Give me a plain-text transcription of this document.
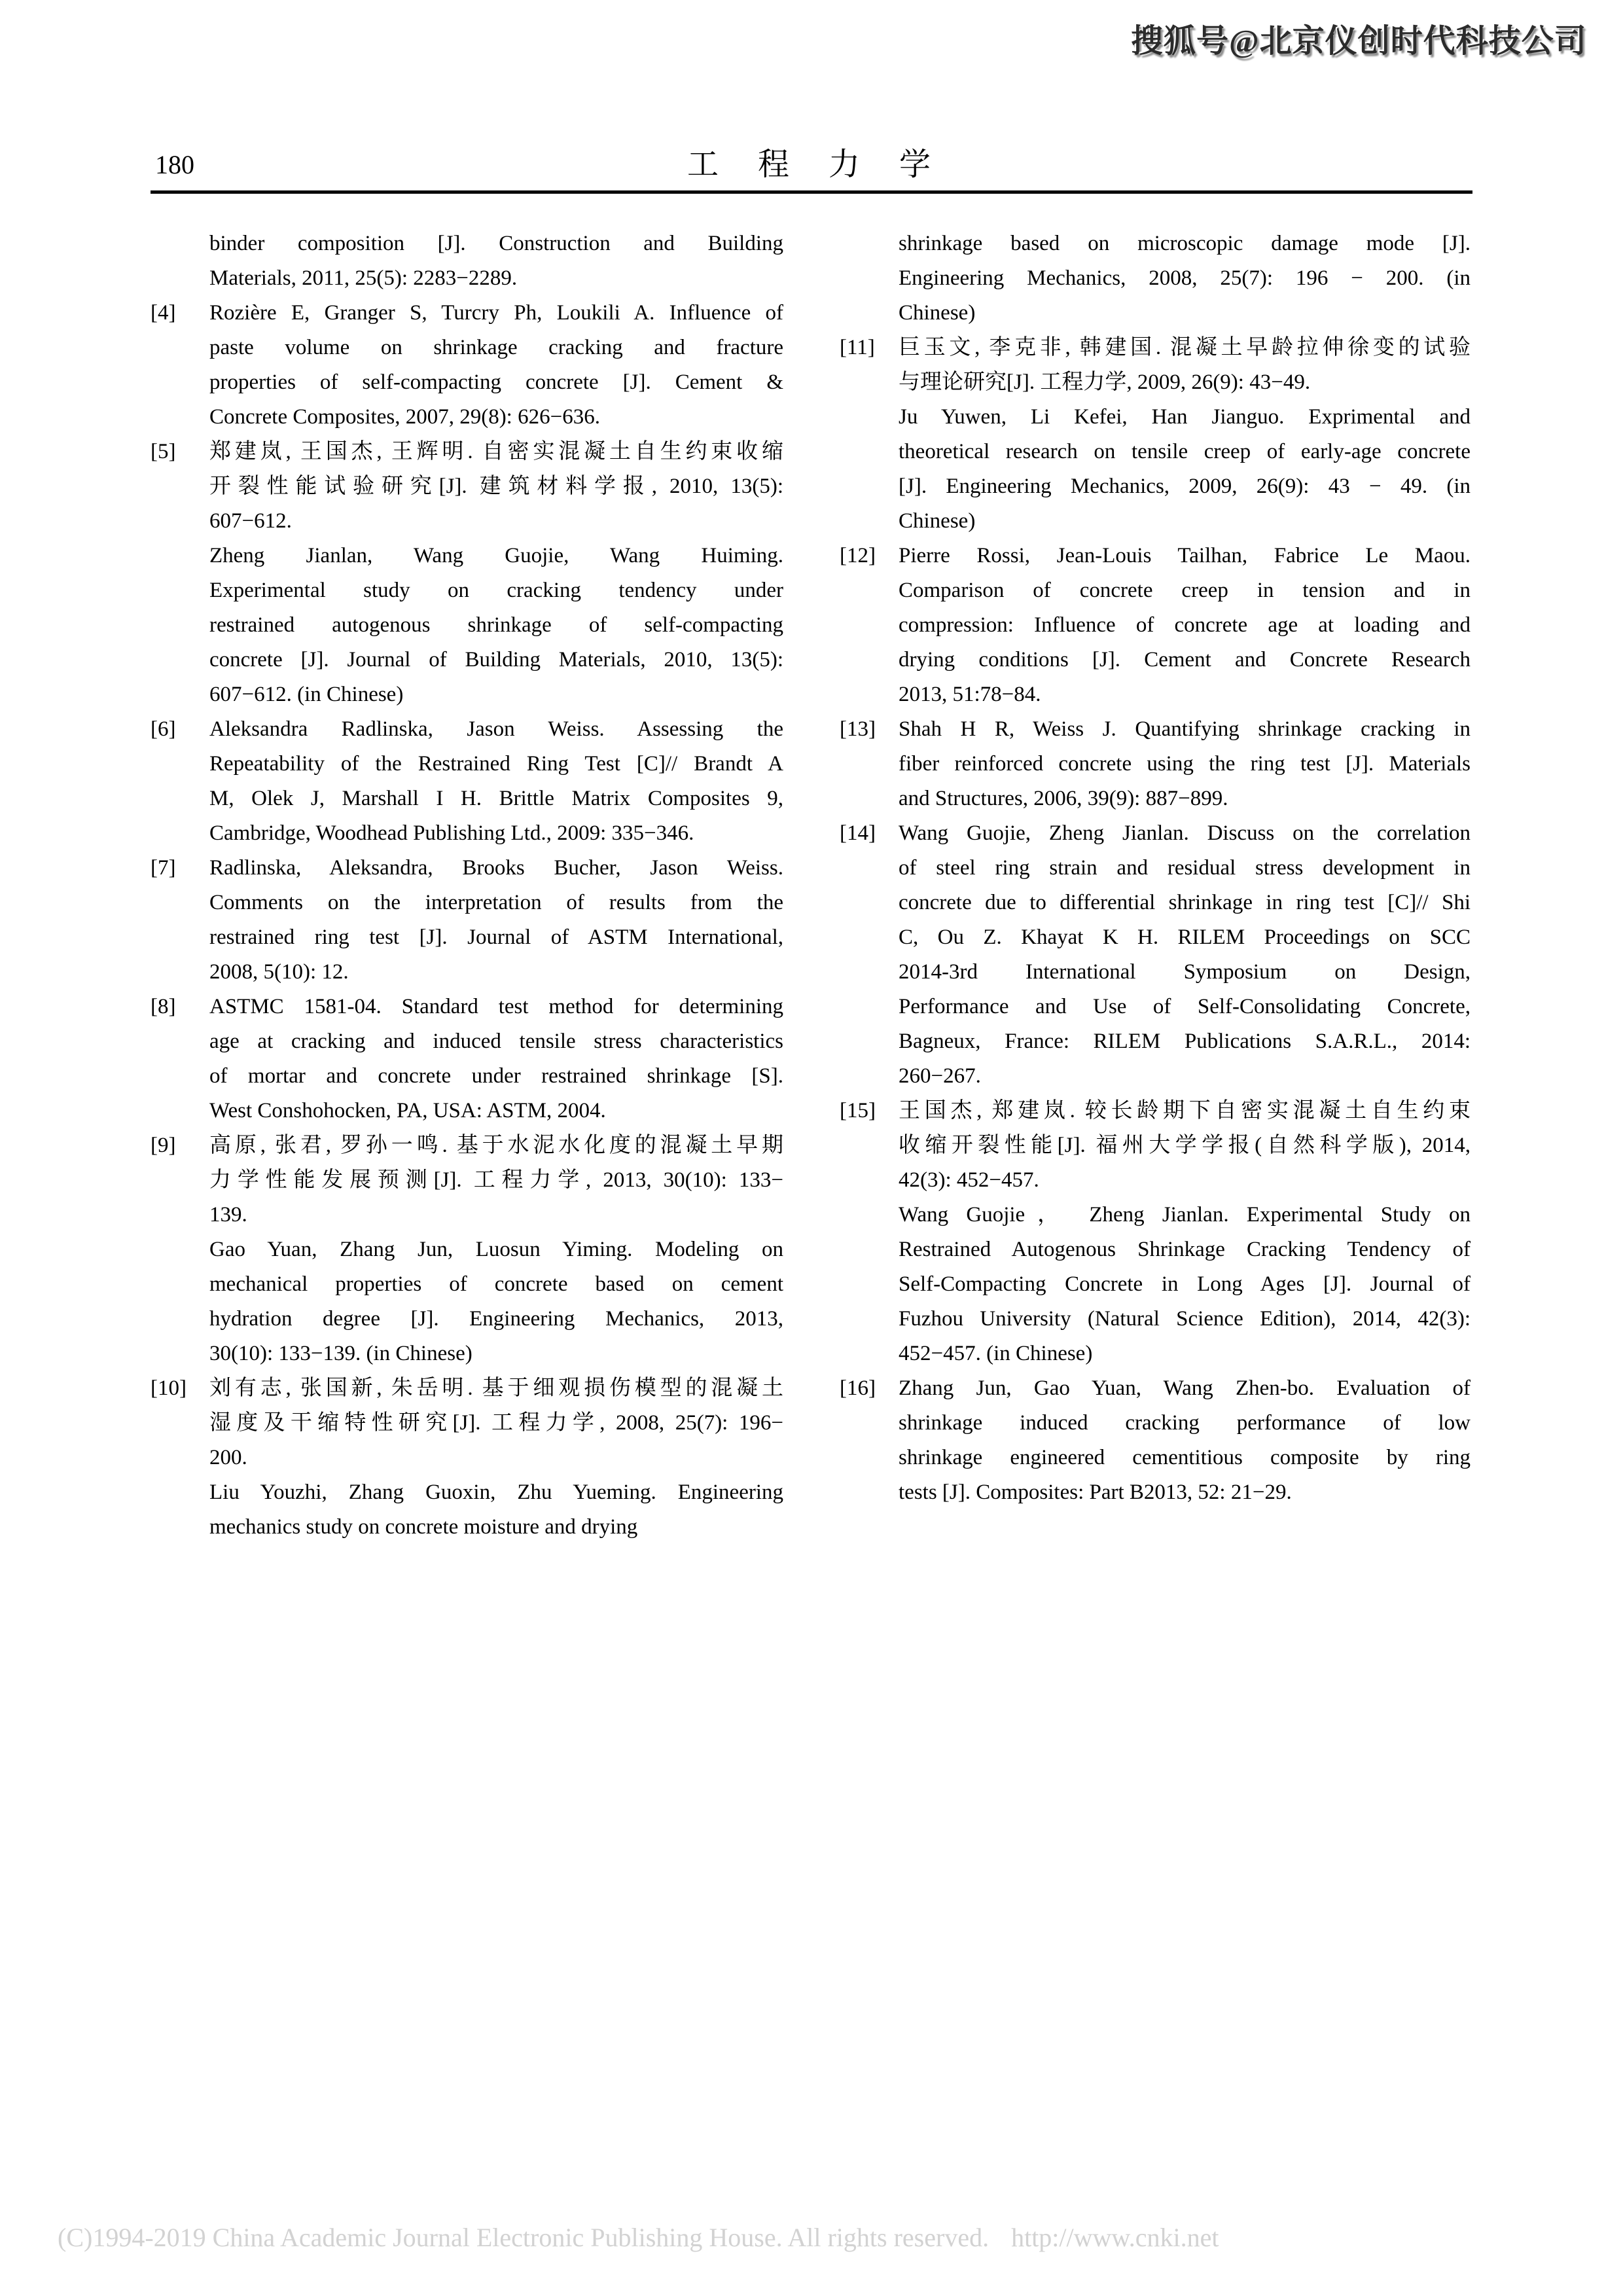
搜狐号@北京仪创时代科技公司
180	工程力学
binder composition [J]. Construction and Building
Materials, 2011, 25(5): 2283−2289.
[4] Rozière E, Granger S, Turcry Ph, Loukili A. Influence of
paste volume on shrinkage cracking and fracture
properties of self-compacting concrete [J]. Cement &
Concrete Composites, 2007, 29(8): 626−636.
[5] 郑建岚, 王国杰, 王辉明. 自密实混凝土自生约束收缩
开裂性能试验研究[J]. 建筑材料学报, 2010, 13(5):
607−612.
Zheng Jianlan, Wang Guojie, Wang Huiming.
Experimental study on cracking tendency under
restrained autogenous shrinkage of self-compacting
concrete [J]. Journal of Building Materials, 2010, 13(5):
607−612. (in Chinese)
[6] Aleksandra Radlinska, Jason Weiss. Assessing the
Repeatability of the Restrained Ring Test [C]// Brandt A
M, Olek J, Marshall I H. Brittle Matrix Composites 9,
Cambridge, Woodhead Publishing Ltd., 2009: 335−346.
[7] Radlinska, Aleksandra, Brooks Bucher, Jason Weiss.
Comments on the interpretation of results from the
restrained ring test [J]. Journal of ASTM International,
2008, 5(10): 12.
[8] ASTMC 1581-04. Standard test method for determining
age at cracking and induced tensile stress characteristics
of mortar and concrete under restrained shrinkage [S].
West Conshohocken, PA, USA: ASTM, 2004.
[9] 高原, 张君, 罗孙一鸣. 基于水泥水化度的混凝土早期
力学性能发展预测[J]. 工程力学, 2013, 30(10): 133−
139.
Gao Yuan, Zhang Jun, Luosun Yiming. Modeling on
mechanical properties of concrete based on cement
hydration degree [J]. Engineering Mechanics, 2013,
30(10): 133−139. (in Chinese)
[10] 刘有志, 张国新, 朱岳明. 基于细观损伤模型的混凝土
湿度及干缩特性研究[J]. 工程力学, 2008, 25(7): 196−
200.
Liu Youzhi, Zhang Guoxin, Zhu Yueming. Engineering
mechanics study on concrete moisture and drying
shrinkage based on microscopic damage mode [J].
Engineering Mechanics, 2008, 25(7): 196 − 200. (in
Chinese)
[11] 巨玉文, 李克非, 韩建国. 混凝土早龄拉伸徐变的试验
与理论研究[J]. 工程力学, 2009, 26(9): 43−49.
Ju Yuwen, Li Kefei, Han Jianguo. Exprimental and
theoretical research on tensile creep of early-age concrete
[J]. Engineering Mechanics, 2009, 26(9): 43 − 49. (in
Chinese)
[12] Pierre Rossi, Jean-Louis Tailhan, Fabrice Le Maou.
Comparison of concrete creep in tension and in
compression: Influence of concrete age at loading and
drying conditions [J]. Cement and Concrete Research
2013, 51:78−84.
[13] Shah H R, Weiss J. Quantifying shrinkage cracking in
fiber reinforced concrete using the ring test [J]. Materials
and Structures, 2006, 39(9): 887−899.
[14] Wang Guojie, Zheng Jianlan. Discuss on the correlation
of steel ring strain and residual stress development in
concrete due to differential shrinkage in ring test [C]// Shi
C, Ou Z. Khayat K H. RILEM Proceedings on SCC
2014-3rd International Symposium on Design,
Performance and Use of Self-Consolidating Concrete,
Bagneux, France: RILEM Publications S.A.R.L., 2014:
260−267.
[15] 王国杰, 郑建岚. 较长龄期下自密实混凝土自生约束
收缩开裂性能[J]. 福州大学学报(自然科学版), 2014,
42(3): 452−457.
Wang Guojie， Zheng Jianlan. Experimental Study on
Restrained Autogenous Shrinkage Cracking Tendency of
Self-Compacting Concrete in Long Ages [J]. Journal of
Fuzhou University (Natural Science Edition), 2014, 42(3):
452−457. (in Chinese)
[16] Zhang Jun, Gao Yuan, Wang Zhen-bo. Evaluation of
shrinkage induced cracking performance of low
shrinkage engineered cementitious composite by ring
tests [J]. Composites: Part B2013, 52: 21−29.
(C)1994-2019 China Academic Journal Electronic Publishing House. All rights reserved. http://www.cnki.net
